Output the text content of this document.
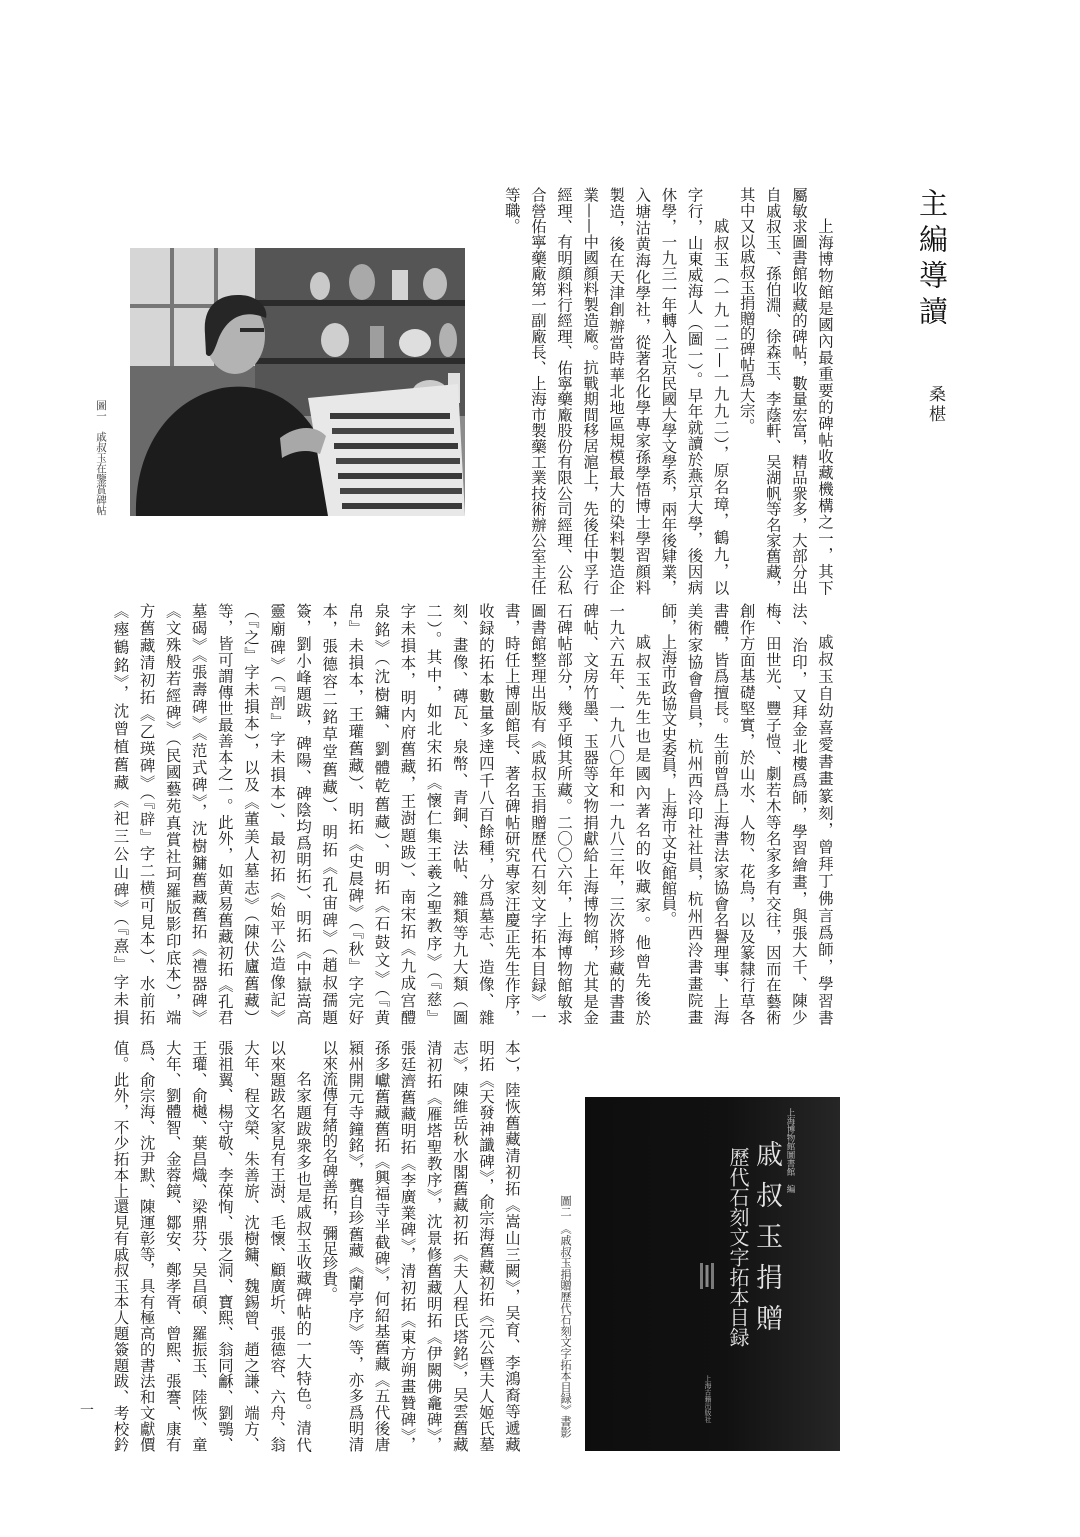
主編導讀
桑椹
上海博物館是國內最重要的碑帖收藏機構之一，其下
屬敏求圖書館收藏的碑帖，數量宏富，精品衆多，大部分出
自戚叔玉、孫伯淵、徐森玉、李蔭軒、吴湖帆等名家舊藏，
其中又以戚叔玉捐贈的碑帖爲大宗。
戚叔玉（一九一二—一九九二），原名璋，鶴九，以
字行，山東威海人（圖一）。早年就讀於燕京大學，後因病
休學，一九三一年轉入北京民國大學文學系，兩年後肄業，
入塘沽黄海化學社，從著名化學專家孫學悟博士學習顔料
製造，後在天津創辦當時華北地區規模最大的染料製造企
業——中國顔料製造廠。抗戰期間移居滬上，先後任中孚行
經理、有明顔料行經理、佑寧藥廠股份有限公司經理、公私
合營佑寧藥廠第一副廠長、上海市製藥工業技術辦公室主任
等職。
圖一　戚叔玉在鑒賞碑帖
戚叔玉自幼喜愛書畫篆刻，曾拜丁佛言爲師，學習書
法、治印，又拜金北樓爲師，學習繪畫，與張大千、陳少
梅、田世光、豐子愷、劇若木等名家多有交往，因而在藝術
創作方面基礎堅實，於山水、人物、花鳥，以及篆隸行草各
書體，皆爲擅長。生前曾爲上海書法家協會名譽理事、上海
美術家協會會員，杭州西泠印社社員，杭州西泠書畫院畫
師，上海市政協文史委員，上海市文史館館員。
戚叔玉先生也是國內著名的收藏家。他曾先後於
一九六五年、一九八〇年和一九八三年，三次將珍藏的書畫
碑帖、文房竹墨、玉器等文物捐獻給上海博物館，尤其是金
石碑帖部分，幾乎傾其所藏。二〇〇六年，上海博物館敏求
圖書館整理出版有《戚叔玉捐贈歷代石刻文字拓本目録》一
書，時任上博副館長、著名碑帖研究專家汪慶正先生作序，
收録的拓本數量多達四千八百餘種，分爲墓志、造像、雜
刻、畫像、磚瓦、泉幣、青銅、法帖、雜類等九大類（圖
二）。其中，如北宋拓《懷仁集王羲之聖教序》（『慈』
字未損本，明内府舊藏，王澍題跋）、南宋拓《九成宫醴
泉銘》（沈樹鏞、劉體乾舊藏）、明拓《石鼓文》（『黄
帛』未損本，王瓘舊藏）、明拓《史晨碑》（『秋』字完好
本，張德容二銘草堂舊藏）、明拓《孔宙碑》（趙叔孺題
簽，劉小峰題跋，碑陽、碑陰均爲明拓）、明拓《中嶽嵩高
靈廟碑》（『剖』字未損本）、最初拓《始平公造像記》
（『之』字未損本），以及《董美人墓志》（陳伏廬舊藏）
等，皆可謂傳世最善本之一。此外，如黄易舊藏初拓《孔君
墓碣》《張壽碑》《范式碑》，沈樹鏞舊藏舊拓《禮器碑》
《文殊般若經碑》（民國藝苑真賞社珂羅版影印底本），端
方舊藏清初拓《乙瑛碑》（『辟』字二横可見本）、水前拓
《瘞鶴銘》，沈曾植舊藏《祀三公山碑》（『熹』字未損
本），陸恢舊藏清初拓《嵩山三闕》，吴育、李鴻裔等遞藏
明拓《天發神讖碑》，俞宗海舊藏初拓《元公暨夫人姬氏墓
志》，陳維岳秋水閣舊藏初拓《夫人程氏塔銘》，吴雲舊藏
清初拓《雁塔聖教序》，沈景修舊藏明拓《伊闕佛龕碑》，
張廷濟舊藏明拓《李廣業碑》，清初拓《東方朔畫贊碑》，
孫多巘舊藏舊拓《興福寺半截碑》，何紹基舊藏《五代後唐
潁州開元寺鐘銘》，龔自珍舊藏《蘭亭序》等，亦多爲明清
以來流傳有緒的名碑善拓，彌足珍貴。
名家題跋衆多也是戚叔玉收藏碑帖的一大特色。清代
以來題跋名家見有王澍、毛懷、顧廣圻、張德容、六舟、翁
大年、程文榮、朱善旂、沈樹鏞、魏錫曾、趙之謙、端方、
張祖翼、楊守敬、李葆恂、張之洞、寶熙、翁同龢、劉鶚、
王瓘、俞樾、葉昌熾、梁鼎芬、吴昌碩、羅振玉、陸恢、童
大年、劉體智、金蓉鏡、鄒安、鄭孝胥、曾熙、張謇、康有
爲、俞宗海、沈尹默、陳運彰等，具有極高的書法和文獻價
值。此外，不少拓本上還見有戚叔玉本人題簽題跋、考校鈐	上海博物館圖書館　編
戚叔玉捐贈
歷代石刻文字拓本目録
上海古籍出版社
圖二　《戚叔玉捐贈歷代石刻文字拓本目録》書影
一
